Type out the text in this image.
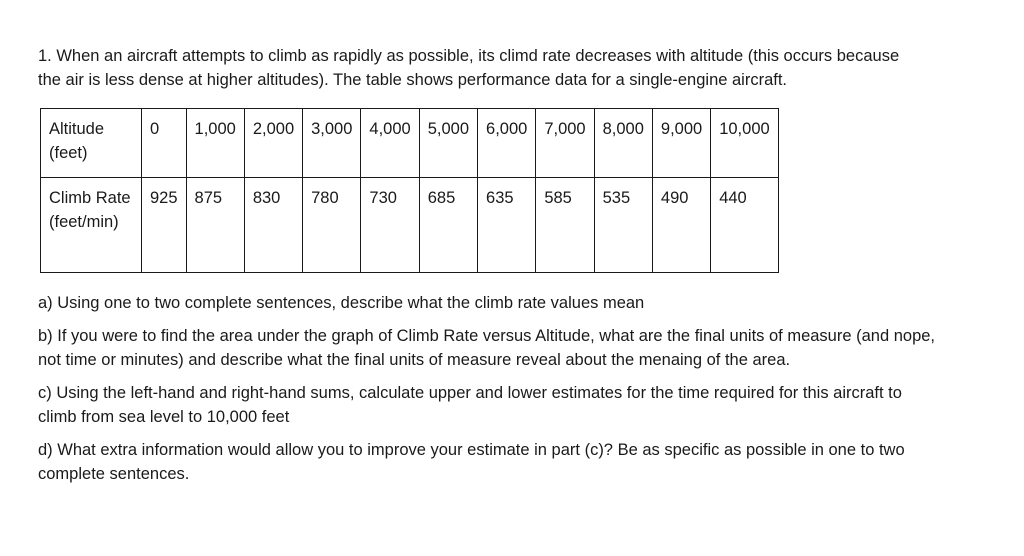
1. When an aircraft attempts to climb as rapidly as possible, its climd rate decreases with altitude (this occurs because the air is less dense at higher altitudes). The table shows performance data for a single-engine aircraft.

Altitude (feet)	0	1,000	2,000	3,000	4,000	5,000	6,000	7,000	8,000	9,000	10,000

Climb Rate (feet/min)	925	875	830	780	730	685	635	585	535	490	440

a) Using one to two complete sentences, describe what the climb rate values mean

b) If you were to find the area under the graph of Climb Rate versus Altitude, what are the final units of measure (and nope, not time or minutes) and describe what the final units of measure reveal about the menaing of the area.

c) Using the left-hand and right-hand sums, calculate upper and lower estimates for the time required for this aircraft to climb from sea level to 10,000 feet

d) What extra information would allow you to improve your estimate in part (c)? Be as specific as possible in one to two complete sentences.
